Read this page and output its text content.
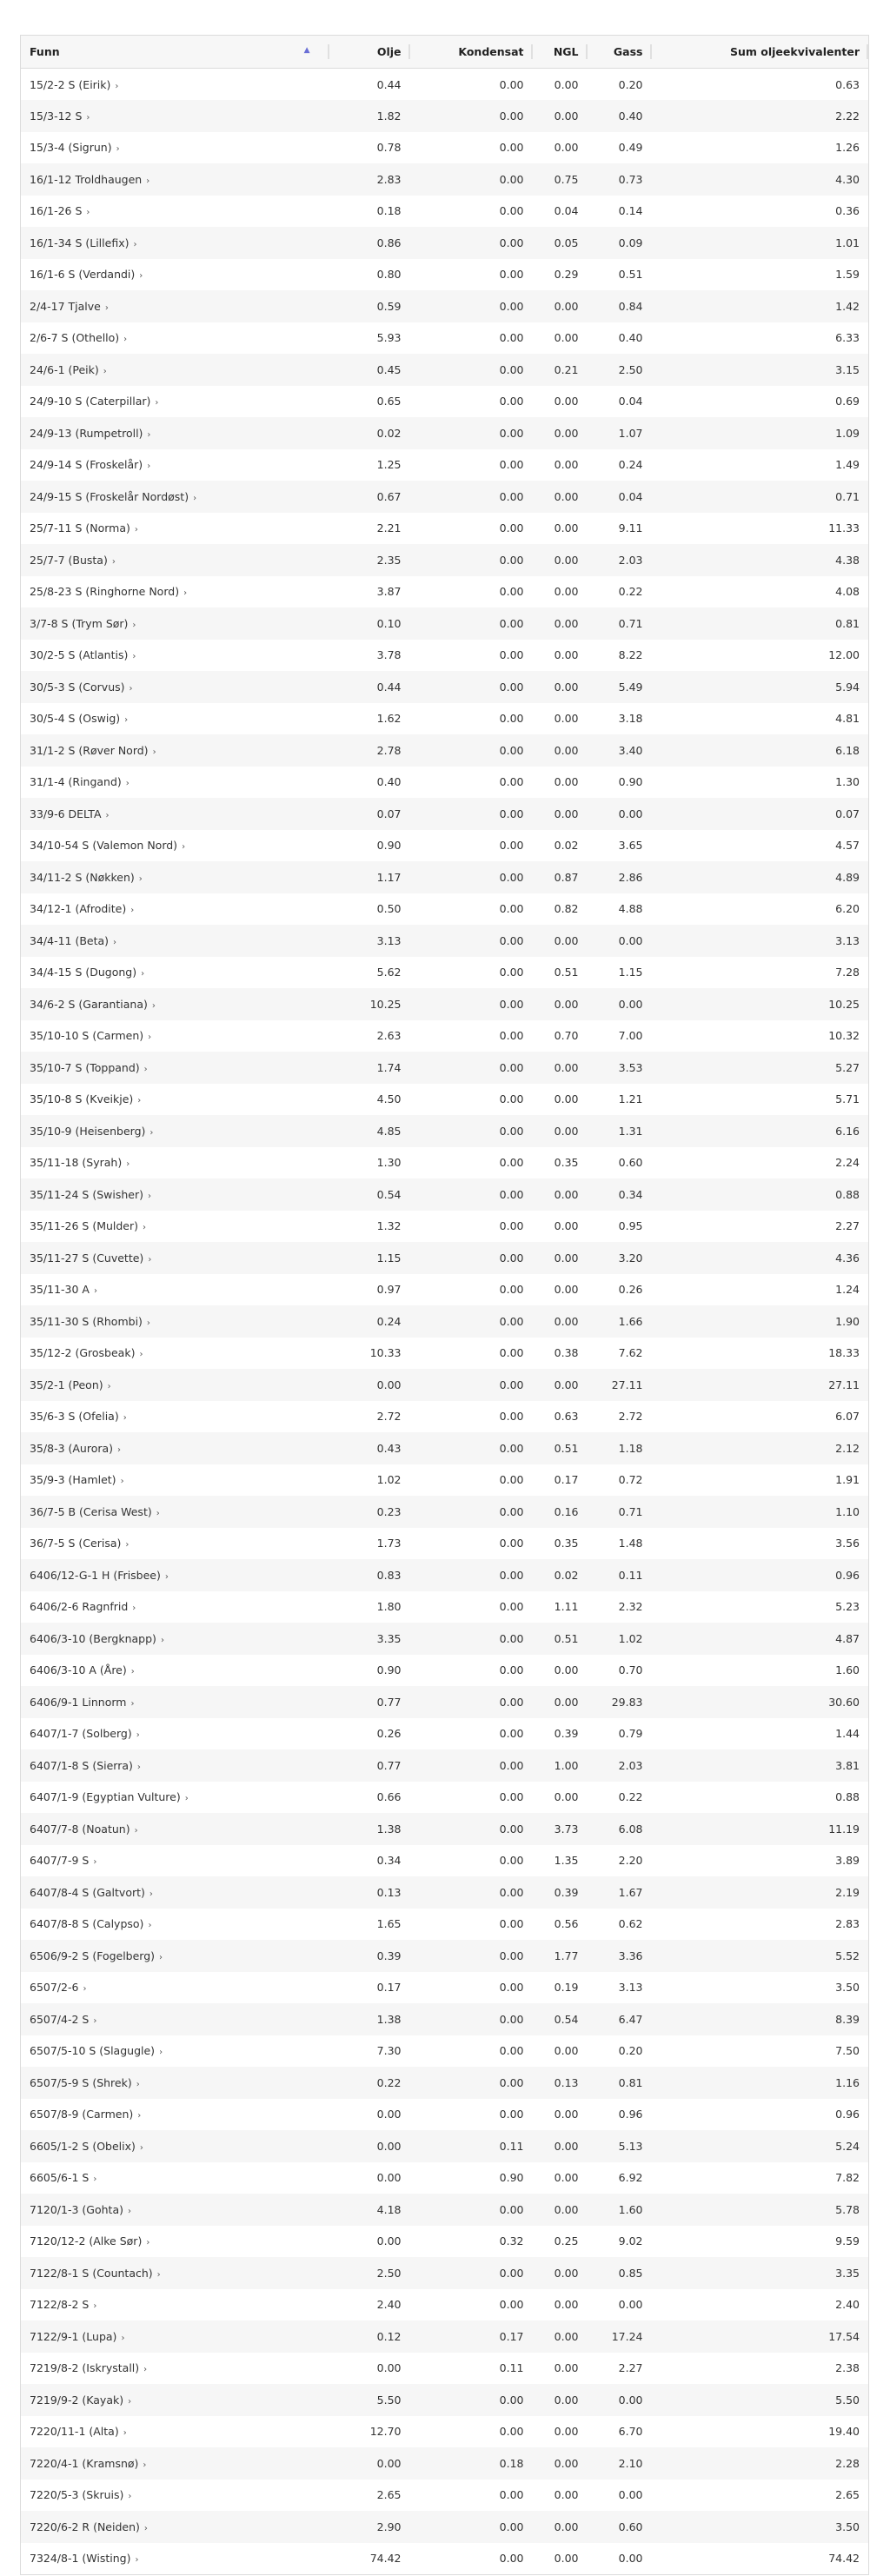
Funn ▲	Olje	Kondensat	NGL	Gass	Sum oljeekvivalenter

15/2-2 S (Eirik) ›	0.44	0.00	0.00	0.20	0.63
15/3-12 S ›	1.82	0.00	0.00	0.40	2.22
15/3-4 (Sigrun) ›	0.78	0.00	0.00	0.49	1.26
16/1-12 Troldhaugen ›	2.83	0.00	0.75	0.73	4.30
16/1-26 S ›	0.18	0.00	0.04	0.14	0.36
16/1-34 S (Lillefix) ›	0.86	0.00	0.05	0.09	1.01
16/1-6 S (Verdandi) ›	0.80	0.00	0.29	0.51	1.59
2/4-17 Tjalve ›	0.59	0.00	0.00	0.84	1.42
2/6-7 S (Othello) ›	5.93	0.00	0.00	0.40	6.33
24/6-1 (Peik) ›	0.45	0.00	0.21	2.50	3.15
24/9-10 S (Caterpillar) ›	0.65	0.00	0.00	0.04	0.69
24/9-13 (Rumpetroll) ›	0.02	0.00	0.00	1.07	1.09
24/9-14 S (Froskelår) ›	1.25	0.00	0.00	0.24	1.49
24/9-15 S (Froskelår Nordøst) ›	0.67	0.00	0.00	0.04	0.71
25/7-11 S (Norma) ›	2.21	0.00	0.00	9.11	11.33
25/7-7 (Busta) ›	2.35	0.00	0.00	2.03	4.38
25/8-23 S (Ringhorne Nord) ›	3.87	0.00	0.00	0.22	4.08
3/7-8 S (Trym Sør) ›	0.10	0.00	0.00	0.71	0.81
30/2-5 S (Atlantis) ›	3.78	0.00	0.00	8.22	12.00
30/5-3 S (Corvus) ›	0.44	0.00	0.00	5.49	5.94
30/5-4 S (Oswig) ›	1.62	0.00	0.00	3.18	4.81
31/1-2 S (Røver Nord) ›	2.78	0.00	0.00	3.40	6.18
31/1-4 (Ringand) ›	0.40	0.00	0.00	0.90	1.30
33/9-6 DELTA ›	0.07	0.00	0.00	0.00	0.07
34/10-54 S (Valemon Nord) ›	0.90	0.00	0.02	3.65	4.57
34/11-2 S (Nøkken) ›	1.17	0.00	0.87	2.86	4.89
34/12-1 (Afrodite) ›	0.50	0.00	0.82	4.88	6.20
34/4-11 (Beta) ›	3.13	0.00	0.00	0.00	3.13
34/4-15 S (Dugong) ›	5.62	0.00	0.51	1.15	7.28
34/6-2 S (Garantiana) ›	10.25	0.00	0.00	0.00	10.25
35/10-10 S (Carmen) ›	2.63	0.00	0.70	7.00	10.32
35/10-7 S (Toppand) ›	1.74	0.00	0.00	3.53	5.27
35/10-8 S (Kveikje) ›	4.50	0.00	0.00	1.21	5.71
35/10-9 (Heisenberg) ›	4.85	0.00	0.00	1.31	6.16
35/11-18 (Syrah) ›	1.30	0.00	0.35	0.60	2.24
35/11-24 S (Swisher) ›	0.54	0.00	0.00	0.34	0.88
35/11-26 S (Mulder) ›	1.32	0.00	0.00	0.95	2.27
35/11-27 S (Cuvette) ›	1.15	0.00	0.00	3.20	4.36
35/11-30 A ›	0.97	0.00	0.00	0.26	1.24
35/11-30 S (Rhombi) ›	0.24	0.00	0.00	1.66	1.90
35/12-2 (Grosbeak) ›	10.33	0.00	0.38	7.62	18.33
35/2-1 (Peon) ›	0.00	0.00	0.00	27.11	27.11
35/6-3 S (Ofelia) ›	2.72	0.00	0.63	2.72	6.07
35/8-3 (Aurora) ›	0.43	0.00	0.51	1.18	2.12
35/9-3 (Hamlet) ›	1.02	0.00	0.17	0.72	1.91
36/7-5 B (Cerisa West) ›	0.23	0.00	0.16	0.71	1.10
36/7-5 S (Cerisa) ›	1.73	0.00	0.35	1.48	3.56
6406/12-G-1 H (Frisbee) ›	0.83	0.00	0.02	0.11	0.96
6406/2-6 Ragnfrid ›	1.80	0.00	1.11	2.32	5.23
6406/3-10 (Bergknapp) ›	3.35	0.00	0.51	1.02	4.87
6406/3-10 A (Åre) ›	0.90	0.00	0.00	0.70	1.60
6406/9-1 Linnorm ›	0.77	0.00	0.00	29.83	30.60
6407/1-7 (Solberg) ›	0.26	0.00	0.39	0.79	1.44
6407/1-8 S (Sierra) ›	0.77	0.00	1.00	2.03	3.81
6407/1-9 (Egyptian Vulture) ›	0.66	0.00	0.00	0.22	0.88
6407/7-8 (Noatun) ›	1.38	0.00	3.73	6.08	11.19
6407/7-9 S ›	0.34	0.00	1.35	2.20	3.89
6407/8-4 S (Galtvort) ›	0.13	0.00	0.39	1.67	2.19
6407/8-8 S (Calypso) ›	1.65	0.00	0.56	0.62	2.83
6506/9-2 S (Fogelberg) ›	0.39	0.00	1.77	3.36	5.52
6507/2-6 ›	0.17	0.00	0.19	3.13	3.50
6507/4-2 S ›	1.38	0.00	0.54	6.47	8.39
6507/5-10 S (Slagugle) ›	7.30	0.00	0.00	0.20	7.50
6507/5-9 S (Shrek) ›	0.22	0.00	0.13	0.81	1.16
6507/8-9 (Carmen) ›	0.00	0.00	0.00	0.96	0.96
6605/1-2 S (Obelix) ›	0.00	0.11	0.00	5.13	5.24
6605/6-1 S ›	0.00	0.90	0.00	6.92	7.82
7120/1-3 (Gohta) ›	4.18	0.00	0.00	1.60	5.78
7120/12-2 (Alke Sør) ›	0.00	0.32	0.25	9.02	9.59
7122/8-1 S (Countach) ›	2.50	0.00	0.00	0.85	3.35
7122/8-2 S ›	2.40	0.00	0.00	0.00	2.40
7122/9-1 (Lupa) ›	0.12	0.17	0.00	17.24	17.54
7219/8-2 (Iskrystall) ›	0.00	0.11	0.00	2.27	2.38
7219/9-2 (Kayak) ›	5.50	0.00	0.00	0.00	5.50
7220/11-1 (Alta) ›	12.70	0.00	0.00	6.70	19.40
7220/4-1 (Kramsnø) ›	0.00	0.18	0.00	2.10	2.28
7220/5-3 (Skruis) ›	2.65	0.00	0.00	0.00	2.65
7220/6-2 R (Neiden) ›	2.90	0.00	0.00	0.60	3.50
7324/8-1 (Wisting) ›	74.42	0.00	0.00	0.00	74.42
